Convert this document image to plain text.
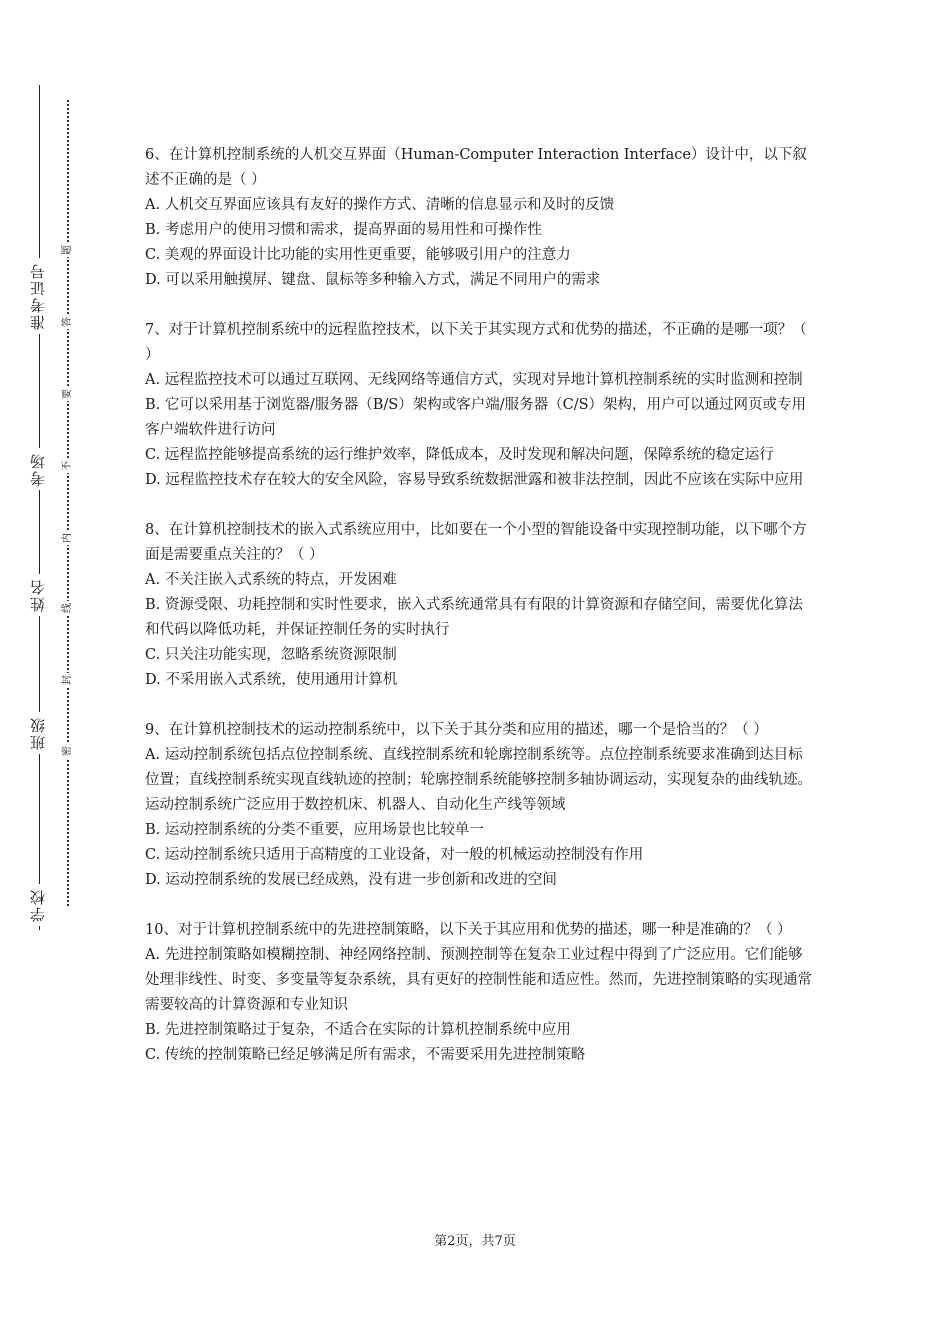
准考证号
考场
姓名
班级
学校
题
答
要
不
内
线
封
密

6、在计算机控制系统的人机交互界面（Human-Computer Interaction Interface）设计中，以下叙述不正确的是（ ）

A. 人机交互界面应该具有友好的操作方式、清晰的信息显示和及时的反馈

B. 考虑用户的使用习惯和需求，提高界面的易用性和可操作性

C. 美观的界面设计比功能的实用性更重要，能够吸引用户的注意力

D. 可以采用触摸屏、键盘、鼠标等多种输入方式，满足不同用户的需求

7、对于计算机控制系统中的远程监控技术，以下关于其实现方式和优势的描述，不正确的是哪一项？（ ）

A. 远程监控技术可以通过互联网、无线网络等通信方式，实现对异地计算机控制系统的实时监测和控制

B. 它可以采用基于浏览器/服务器（B/S）架构或客户端/服务器（C/S）架构，用户可以通过网页或专用客户端软件进行访问

C. 远程监控能够提高系统的运行维护效率，降低成本，及时发现和解决问题，保障系统的稳定运行

D. 远程监控技术存在较大的安全风险，容易导致系统数据泄露和被非法控制，因此不应该在实际中应用

8、在计算机控制技术的嵌入式系统应用中，比如要在一个小型的智能设备中实现控制功能，以下哪个方面是需要重点关注的？（ ）

A. 不关注嵌入式系统的特点，开发困难

B. 资源受限、功耗控制和实时性要求，嵌入式系统通常具有有限的计算资源和存储空间，需要优化算法和代码以降低功耗，并保证控制任务的实时执行

C. 只关注功能实现，忽略系统资源限制

D. 不采用嵌入式系统，使用通用计算机

9、在计算机控制技术的运动控制系统中，以下关于其分类和应用的描述，哪一个是恰当的？（ ）

A. 运动控制系统包括点位控制系统、直线控制系统和轮廓控制系统等。点位控制系统要求准确到达目标位置；直线控制系统实现直线轨迹的控制；轮廓控制系统能够控制多轴协调运动，实现复杂的曲线轨迹。运动控制系统广泛应用于数控机床、机器人、自动化生产线等领域

B. 运动控制系统的分类不重要，应用场景也比较单一

C. 运动控制系统只适用于高精度的工业设备，对一般的机械运动控制没有作用

D. 运动控制系统的发展已经成熟，没有进一步创新和改进的空间

10、对于计算机控制系统中的先进控制策略，以下关于其应用和优势的描述，哪一种是准确的？（ ）

A. 先进控制策略如模糊控制、神经网络控制、预测控制等在复杂工业过程中得到了广泛应用。它们能够处理非线性、时变、多变量等复杂系统，具有更好的控制性能和适应性。然而，先进控制策略的实现通常需要较高的计算资源和专业知识

B. 先进控制策略过于复杂，不适合在实际的计算机控制系统中应用

C. 传统的控制策略已经足够满足所有需求，不需要采用先进控制策略

第2页，共7页
